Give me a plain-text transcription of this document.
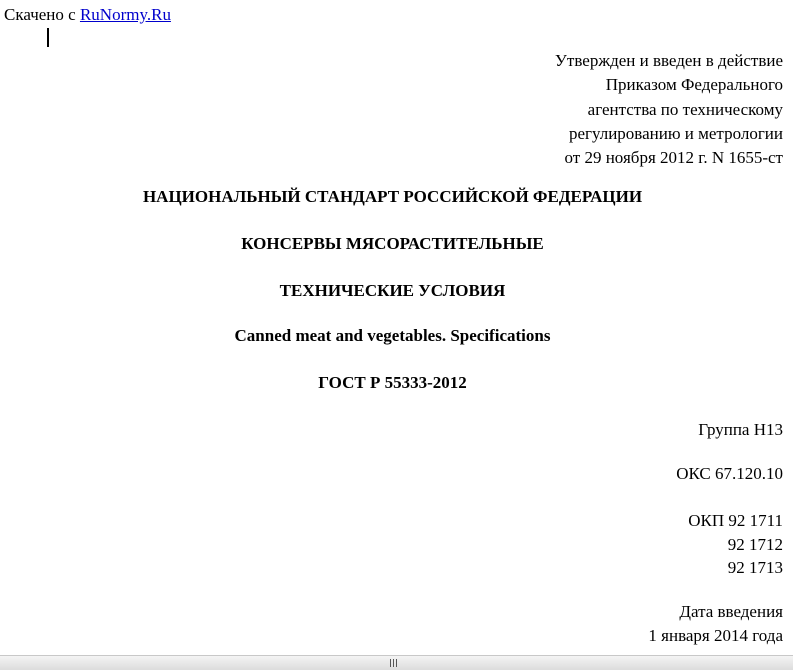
Скачено с RuNormy.Ru
Утвержден и введен в действие
Приказом Федерального
агентства по техническому
регулированию и метрологии
от 29 ноября 2012 г. N 1655-ст
НАЦИОНАЛЬНЫЙ СТАНДАРТ РОССИЙСКОЙ ФЕДЕРАЦИИ
КОНСЕРВЫ МЯСОРАСТИТЕЛЬНЫЕ
ТЕХНИЧЕСКИЕ УСЛОВИЯ
Canned meat and vegetables. Specifications
ГОСТ Р 55333-2012
Группа Н13
ОКС 67.120.10
ОКП 92 1711
92 1712
92 1713
Дата введения
1 января 2014 года
